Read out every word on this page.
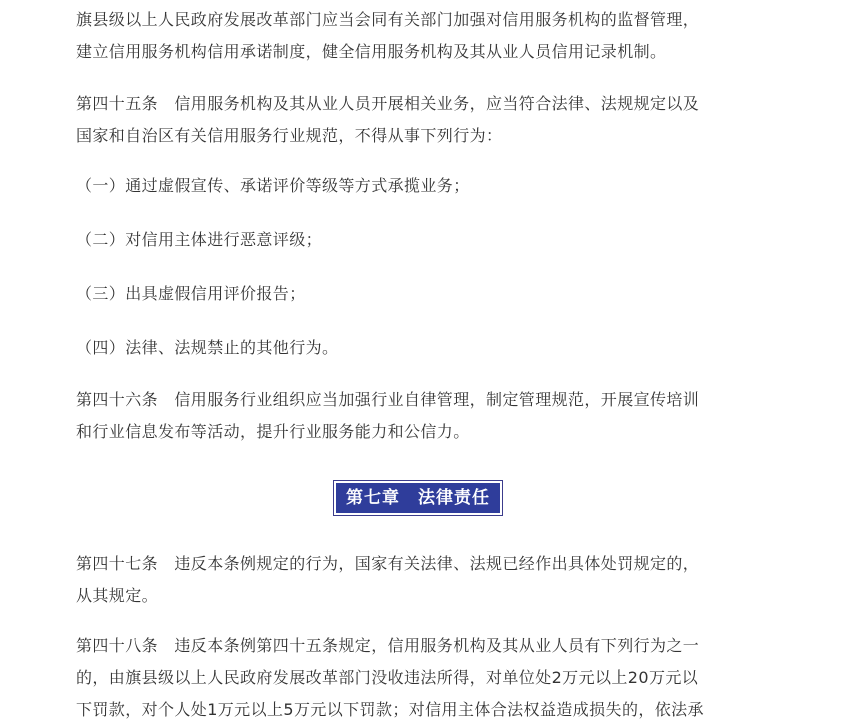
旗县级以上人民政府发展改革部门应当会同有关部门加强对信用服务机构的监督管理，
建立信用服务机构信用承诺制度，健全信用服务机构及其从业人员信用记录机制。

第四十五条　信用服务机构及其从业人员开展相关业务，应当符合法律、法规规定以及
国家和自治区有关信用服务行业规范，不得从事下列行为：

（一）通过虚假宣传、承诺评价等级等方式承揽业务；

（二）对信用主体进行恶意评级；

（三）出具虚假信用评价报告；

（四）法律、法规禁止的其他行为。

第四十六条　信用服务行业组织应当加强行业自律管理，制定管理规范，开展宣传培训
和行业信息发布等活动，提升行业服务能力和公信力。

第七章　法律责任

第四十七条　违反本条例规定的行为，国家有关法律、法规已经作出具体处罚规定的，
从其规定。

第四十八条　违反本条例第四十五条规定，信用服务机构及其从业人员有下列行为之一
的，由旗县级以上人民政府发展改革部门没收违法所得，对单位处2万元以上20万元以
下罚款，对个人处1万元以上5万元以下罚款；对信用主体合法权益造成损失的，依法承
